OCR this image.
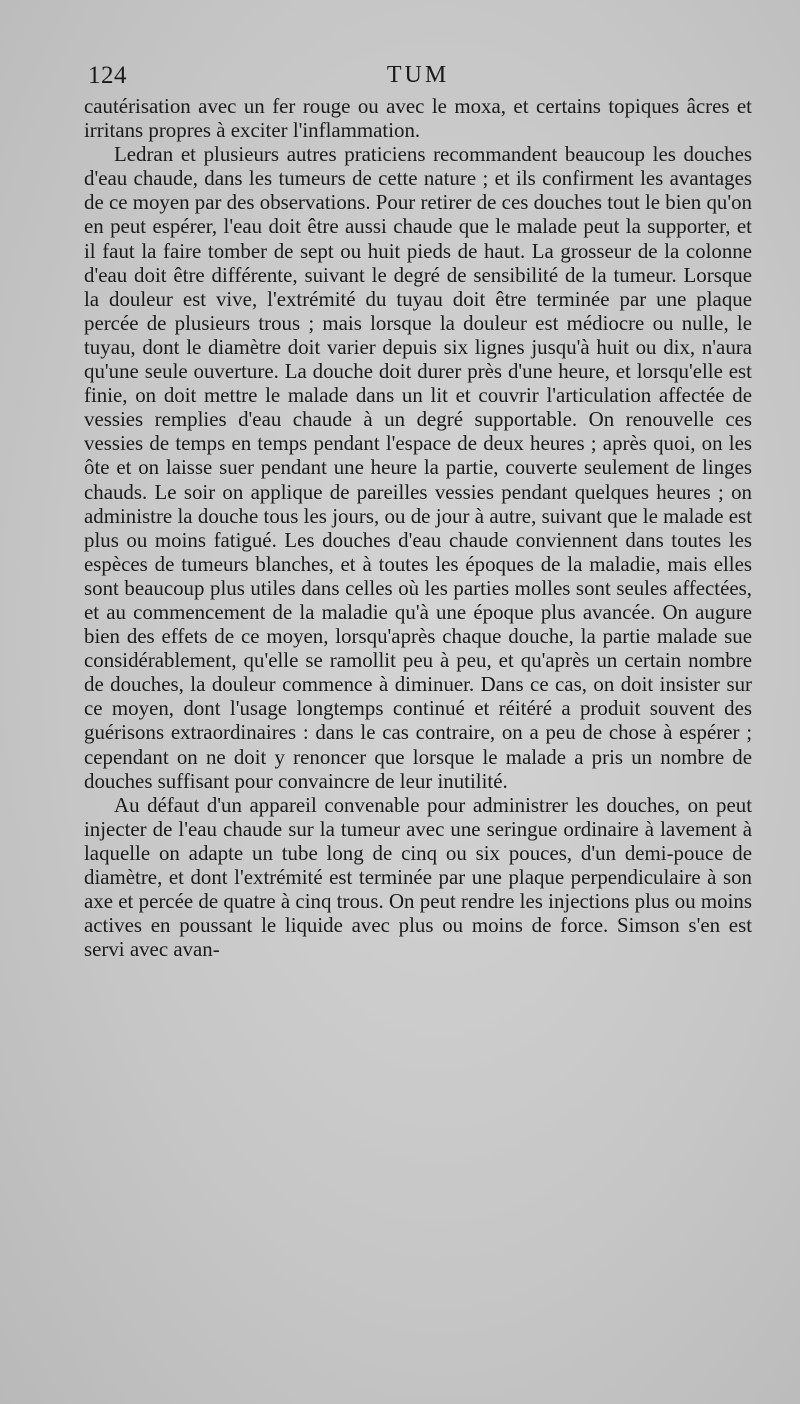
124	TUM

cautérisation avec un fer rouge ou avec le moxa, et certains topiques âcres et irritans propres à exciter l'inflammation.

Ledran et plusieurs autres praticiens recommandent beaucoup les douches d'eau chaude, dans les tumeurs de cette nature ; et ils confirment les avantages de ce moyen par des observations. Pour retirer de ces douches tout le bien qu'on en peut espérer, l'eau doit être aussi chaude que le malade peut la supporter, et il faut la faire tomber de sept ou huit pieds de haut. La grosseur de la colonne d'eau doit être différente, suivant le degré de sensibilité de la tumeur. Lorsque la douleur est vive, l'extrémité du tuyau doit être terminée par une plaque percée de plusieurs trous ; mais lorsque la douleur est médiocre ou nulle, le tuyau, dont le diamètre doit varier depuis six lignes jusqu'à huit ou dix, n'aura qu'une seule ouverture. La douche doit durer près d'une heure, et lorsqu'elle est finie, on doit mettre le malade dans un lit et couvrir l'articulation affectée de vessies remplies d'eau chaude à un degré supportable. On renouvelle ces vessies de temps en temps pendant l'espace de deux heures ; après quoi, on les ôte et on laisse suer pendant une heure la partie, couverte seulement de linges chauds. Le soir on applique de pareilles vessies pendant quelques heures ; on administre la douche tous les jours, ou de jour à autre, suivant que le malade est plus ou moins fatigué. Les douches d'eau chaude conviennent dans toutes les espèces de tumeurs blanches, et à toutes les époques de la maladie, mais elles sont beaucoup plus utiles dans celles où les parties molles sont seules affectées, et au commencement de la maladie qu'à une époque plus avancée. On augure bien des effets de ce moyen, lorsqu'après chaque douche, la partie malade sue considérablement, qu'elle se ramollit peu à peu, et qu'après un certain nombre de douches, la douleur commence à diminuer. Dans ce cas, on doit insister sur ce moyen, dont l'usage longtemps continué et réitéré a produit souvent des guérisons extraordinaires : dans le cas contraire, on a peu de chose à espérer ; cependant on ne doit y renoncer que lorsque le malade a pris un nombre de douches suffisant pour convaincre de leur inutilité.

Au défaut d'un appareil convenable pour administrer les douches, on peut injecter de l'eau chaude sur la tumeur avec une seringue ordinaire à lavement à laquelle on adapte un tube long de cinq ou six pouces, d'un demi-pouce de diamètre, et dont l'extrémité est terminée par une plaque perpendiculaire à son axe et percée de quatre à cinq trous. On peut rendre les injections plus ou moins actives en poussant le liquide avec plus ou moins de force. Simson s'en est servi avec avan-
